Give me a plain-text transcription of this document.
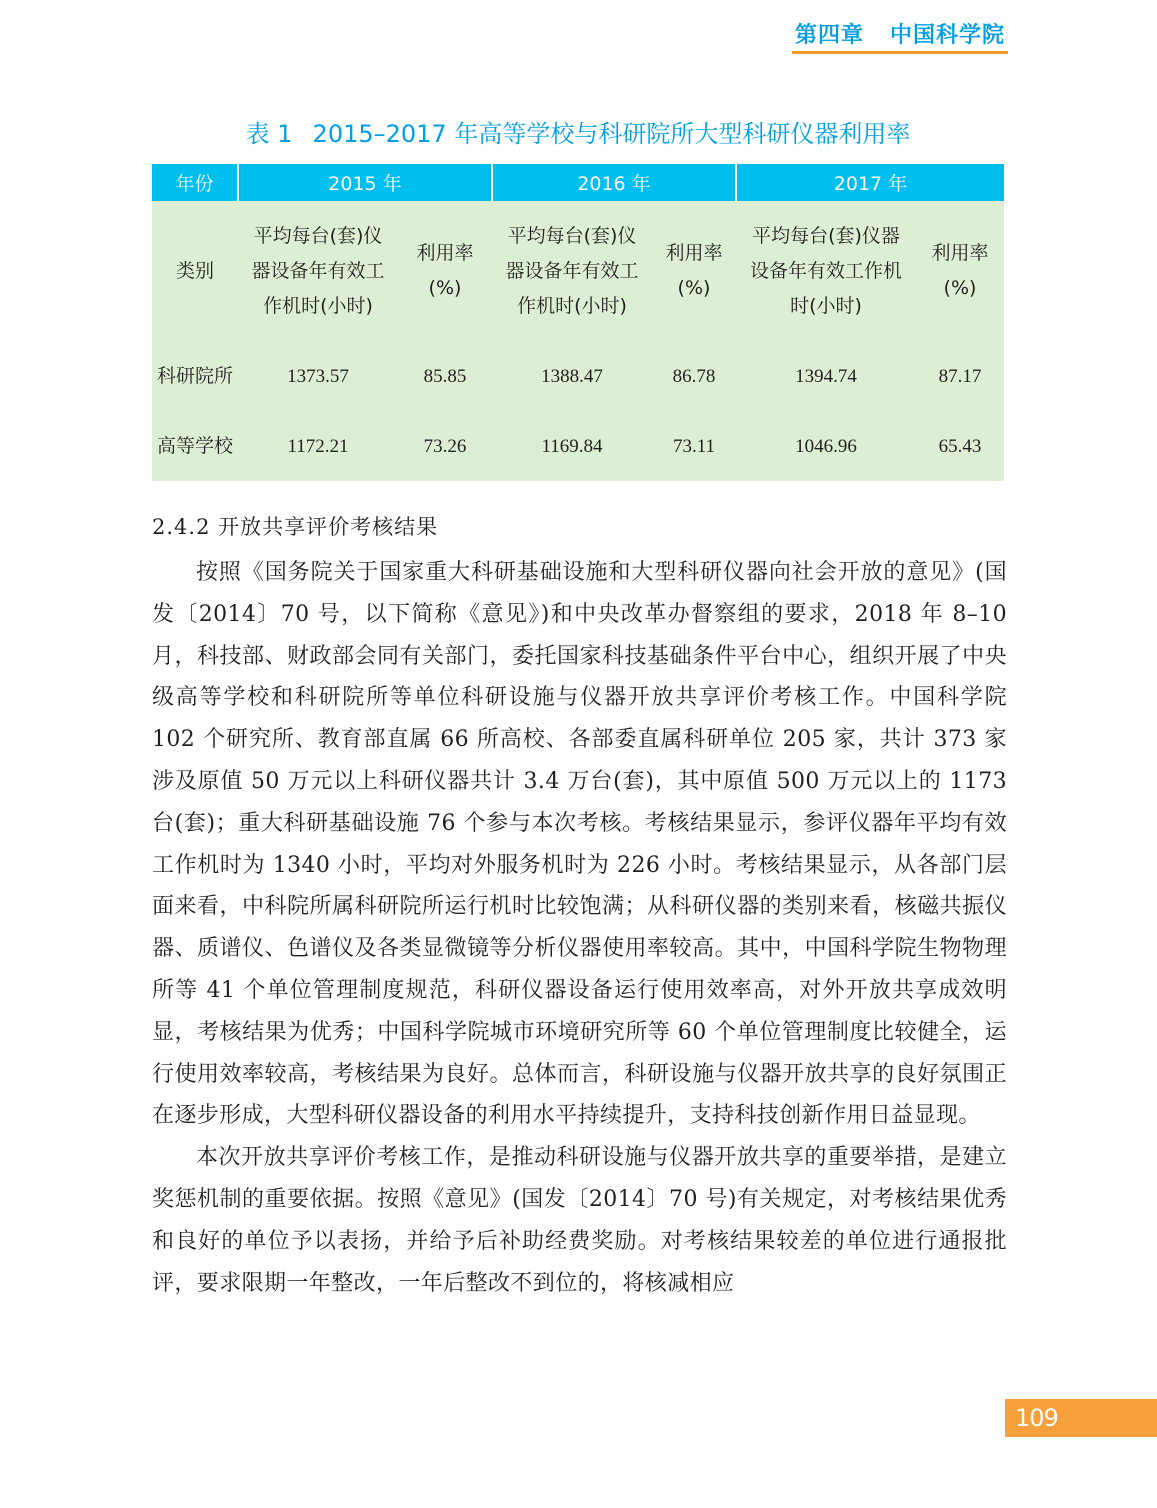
第四章 中国科学院
表 1 2015–2017 年高等学校与科研院所大型科研仪器利用率
年份	2015 年		2016 年		2017 年	
类别	平均每台(套)仪器设备年有效工作机时(小时)	利用率(%)	平均每台(套)仪器设备年有效工作机时(小时)	利用率(%)	平均每台(套)仪器设备年有效工作机时(小时)	利用率(%)
科研院所	1373.57	85.85	1388.47	86.78	1394.74	87.17
高等学校	1172.21	73.26	1169.84	73.11	1046.96	65.43
2.4.2 开放共享评价考核结果

按照《国务院关于国家重大科研基础设施和大型科研仪器向社会开放的意见》(国发〔2014〕70 号，以下简称《意见》)和中央改革办督察组的要求，2018 年 8–10 月，科技部、财政部会同有关部门，委托国家科技基础条件平台中心，组织开展了中央级高等学校和科研院所等单位科研设施与仪器开放共享评价考核工作。中国科学院 102 个研究所、教育部直属 66 所高校、各部委直属科研单位 205 家，共计 373 家涉及原值 50 万元以上科研仪器共计 3.4 万台(套)，其中原值 500 万元以上的 1173 台(套)；重大科研基础设施 76 个参与本次考核。考核结果显示，参评仪器年平均有效工作机时为 1340 小时，平均对外服务机时为 226 小时。考核结果显示，从各部门层面来看，中科院所属科研院所运行机时比较饱满；从科研仪器的类别来看，核磁共振仪器、质谱仪、色谱仪及各类显微镜等分析仪器使用率较高。其中，中国科学院生物物理所等 41 个单位管理制度规范，科研仪器设备运行使用效率高，对外开放共享成效明显，考核结果为优秀；中国科学院城市环境研究所等 60 个单位管理制度比较健全，运行使用效率较高，考核结果为良好。总体而言，科研设施与仪器开放共享的良好氛围正在逐步形成，大型科研仪器设备的利用水平持续提升，支持科技创新作用日益显现。

本次开放共享评价考核工作，是推动科研设施与仪器开放共享的重要举措，是建立奖惩机制的重要依据。按照《意见》(国发〔2014〕70 号)有关规定，对考核结果优秀和良好的单位予以表扬，并给予后补助经费奖励。对考核结果较差的单位进行通报批评，要求限期一年整改，一年后整改不到位的，将核减相应

109
